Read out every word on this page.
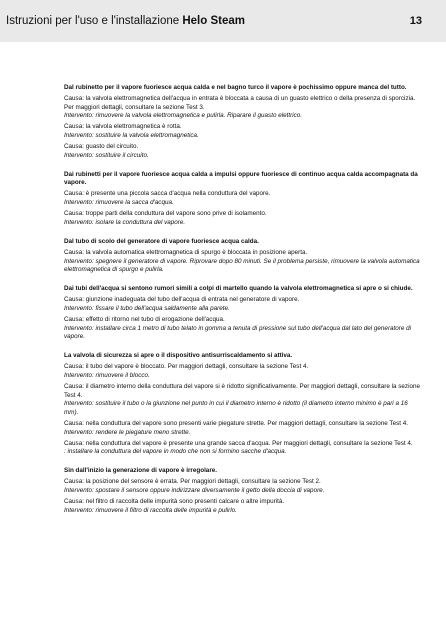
Istruzioni per l'uso e l'installazione Helo Steam	13

Dal rubinetto per il vapore fuoriesce acqua calda e nel bagno turco il vapore è pochissimo oppure manca del tutto.

Causa: la valvola elettromagnetica dell'acqua in entrata è bloccata a causa di un guasto elettrico o della presenza di sporcizia. Per maggiori dettagli, consultare la sezione Test 3.

Intervento: rimuovere la valvola elettromagnetica e pulirla. Riparare il guasto elettrico.

Causa: la valvola elettromagnetica è rotta.

Intervento: sostituire la valvola elettromagnetica.

Causa: guasto del circuito.

Intervento: sostituire il circuito.

Dai rubinetti per il vapore fuoriesce acqua calda a impulsi oppure fuoriesce di continuo acqua calda accompagnata da vapore.

Causa: è presente una piccola sacca d'acqua nella conduttura del vapore.

Intervento: rimuovere la sacca d'acqua.

Causa: troppe parti della conduttura del vapore sono prive di isolamento.

Intervento: isolare la conduttura del vapore.

Dal tubo di scolo del generatore di vapore fuoriesce acqua calda.

Causa: la valvola automatica elettromagnetica di spurgo è bloccata in posizione aperta.

Intervento: spegnere il generatore di vapore. Riprovare dopo 80 minuti. Se il problema persiste, rimuovere la valvola automatica elettromagnetica di spurgo e pulirla.

Dai tubi dell'acqua si sentono rumori simili a colpi di martello quando la valvola elettromagnetica si apre o si chiude.

Causa: giunzione inadeguata del tubo dell'acqua di entrata nel generatore di vapore.

Intervento: fissare il tubo dell'acqua saldamente alla parete.

Causa: effetto di ritorno nel tubo di erogazione dell'acqua.

Intervento: installare circa 1 metro di tubo telato in gomma a tenuta di pressione sul tubo dell'acqua dal lato del generatore di vapore.

La valvola di sicurezza si apre o il dispositivo antisurriscaldamento si attiva.

Causa: il tubo del vapore è bloccato. Per maggiori dettagli, consultare la sezione Test 4.

Intervento: rimuovere il blocco.

Causa: il diametro interno della conduttura del vapore si è ridotto significativamente. Per maggiori dettagli, consultare la sezione Test 4.

Intervento: sostituire il tubo o la giunzione nel punto in cui il diametro interno è ridotto (il diametro interno minimo è pari a 16 mm).

Causa: nella conduttura del vapore sono presenti varie piegature strette. Per maggiori dettagli, consultare la sezione Test 4.

Intervento: rendere le piegature meno strette.

Causa: nella conduttura del vapore è presente una grande sacca d'acqua. Per maggiori dettagli, consultare la sezione Test 4.

: installare la conduttura del vapore in modo che non si formino sacche d'acqua.

Sin dall'inizio la generazione di vapore è irregolare.

Causa: la posizione del sensore è errata. Per maggiori dettagli, consultare la sezione Test 2.

Intervento: spostare il sensore oppure indirizzare diversamente il getto della doccia di vapore.

Causa: nel filtro di raccolta delle impurità sono presenti calcare o altre impurità.

Intervento: rimuovere il filtro di raccolta delle impurità e pulirlo.
